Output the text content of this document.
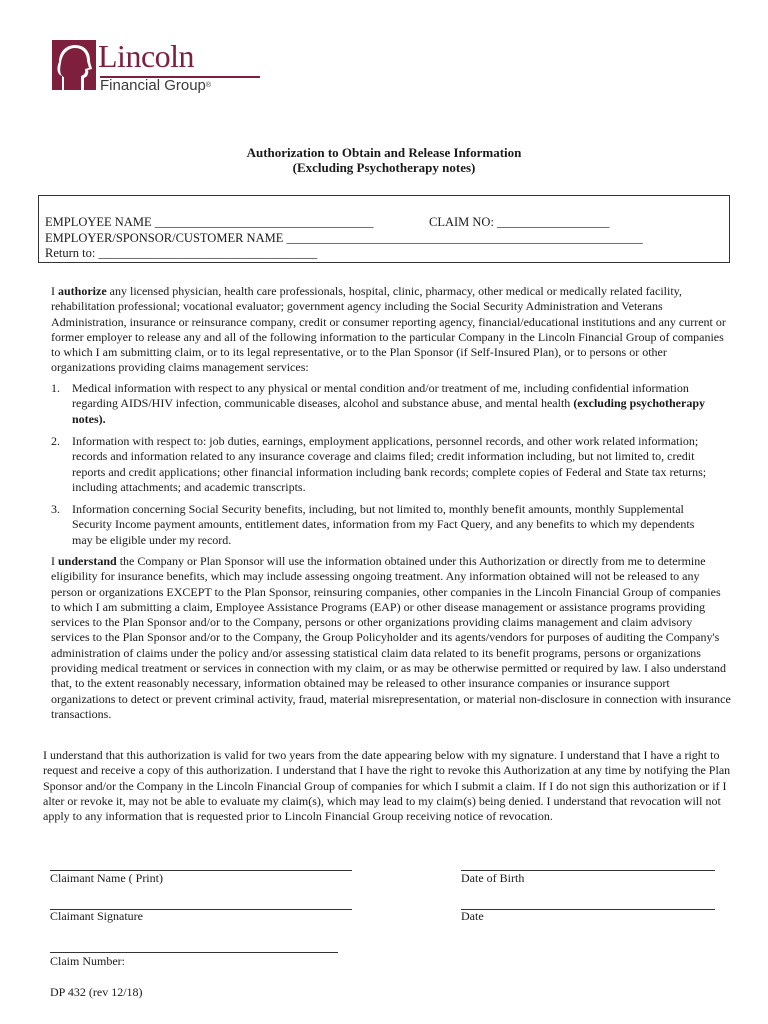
Lincoln
Financial Group®
Authorization to Obtain and Release Information
(Excluding Psychotherapy notes)
EMPLOYEE NAME ___________________________________	CLAIM NO: __________________
EMPLOYER/SPONSOR/CUSTOMER NAME _________________________________________________________
Return to: ___________________________________
I authorize any licensed physician, health care professionals, hospital, clinic, pharmacy, other medical or medically related facility, rehabilitation professional; vocational evaluator; government agency including the Social Security Administration and Veterans Administration, insurance or reinsurance company, credit or consumer reporting agency, financial/educational institutions and any current or former employer to release any and all of the following information to the particular Company in the Lincoln Financial Group of companies to which I am submitting claim, or to its legal representative, or to the Plan Sponsor (if Self-Insured Plan), or to persons or other organizations providing claims management services:
1. Medical information with respect to any physical or mental condition and/or treatment of me, including confidential information regarding AIDS/HIV infection, communicable diseases, alcohol and substance abuse, and mental health (excluding psychotherapy notes).
2. Information with respect to: job duties, earnings, employment applications, personnel records, and other work related information; records and information related to any insurance coverage and claims filed; credit information including, but not limited to, credit reports and credit applications; other financial information including bank records; complete copies of Federal and State tax returns; including attachments; and academic transcripts.
3. Information concerning Social Security benefits, including, but not limited to, monthly benefit amounts, monthly Supplemental Security Income payment amounts, entitlement dates, information from my Fact Query, and any benefits to which my dependents may be eligible under my record.
I understand the Company or Plan Sponsor will use the information obtained under this Authorization or directly from me to determine eligibility for insurance benefits, which may include assessing ongoing treatment. Any information obtained will not be released to any person or organizations EXCEPT to the Plan Sponsor, reinsuring companies, other companies in the Lincoln Financial Group of companies to which I am submitting a claim, Employee Assistance Programs (EAP) or other disease management or assistance programs providing services to the Plan Sponsor and/or to the Company, persons or other organizations providing claims management and claim advisory services to the Plan Sponsor and/or to the Company, the Group Policyholder and its agents/vendors for purposes of auditing the Company's administration of claims under the policy and/or assessing statistical claim data related to its benefit programs, persons or organizations providing medical treatment or services in connection with my claim, or as may be otherwise permitted or required by law. I also understand that, to the extent reasonably necessary, information obtained may be released to other insurance companies or insurance support organizations to detect or prevent criminal activity, fraud, material misrepresentation, or material non-disclosure in connection with insurance transactions.
I understand that this authorization is valid for two years from the date appearing below with my signature. I understand that I have a right to request and receive a copy of this authorization. I understand that I have the right to revoke this Authorization at any time by notifying the Plan Sponsor and/or the Company in the Lincoln Financial Group of companies for which I submit a claim. If I do not sign this authorization or if I alter or revoke it, may not be able to evaluate my claim(s), which may lead to my claim(s) being denied. I understand that revocation will not apply to any information that is requested prior to Lincoln Financial Group receiving notice of revocation.
Claimant Name ( Print)	Date of Birth
Claimant Signature	Date
Claim Number:
DP 432 (rev 12/18)
